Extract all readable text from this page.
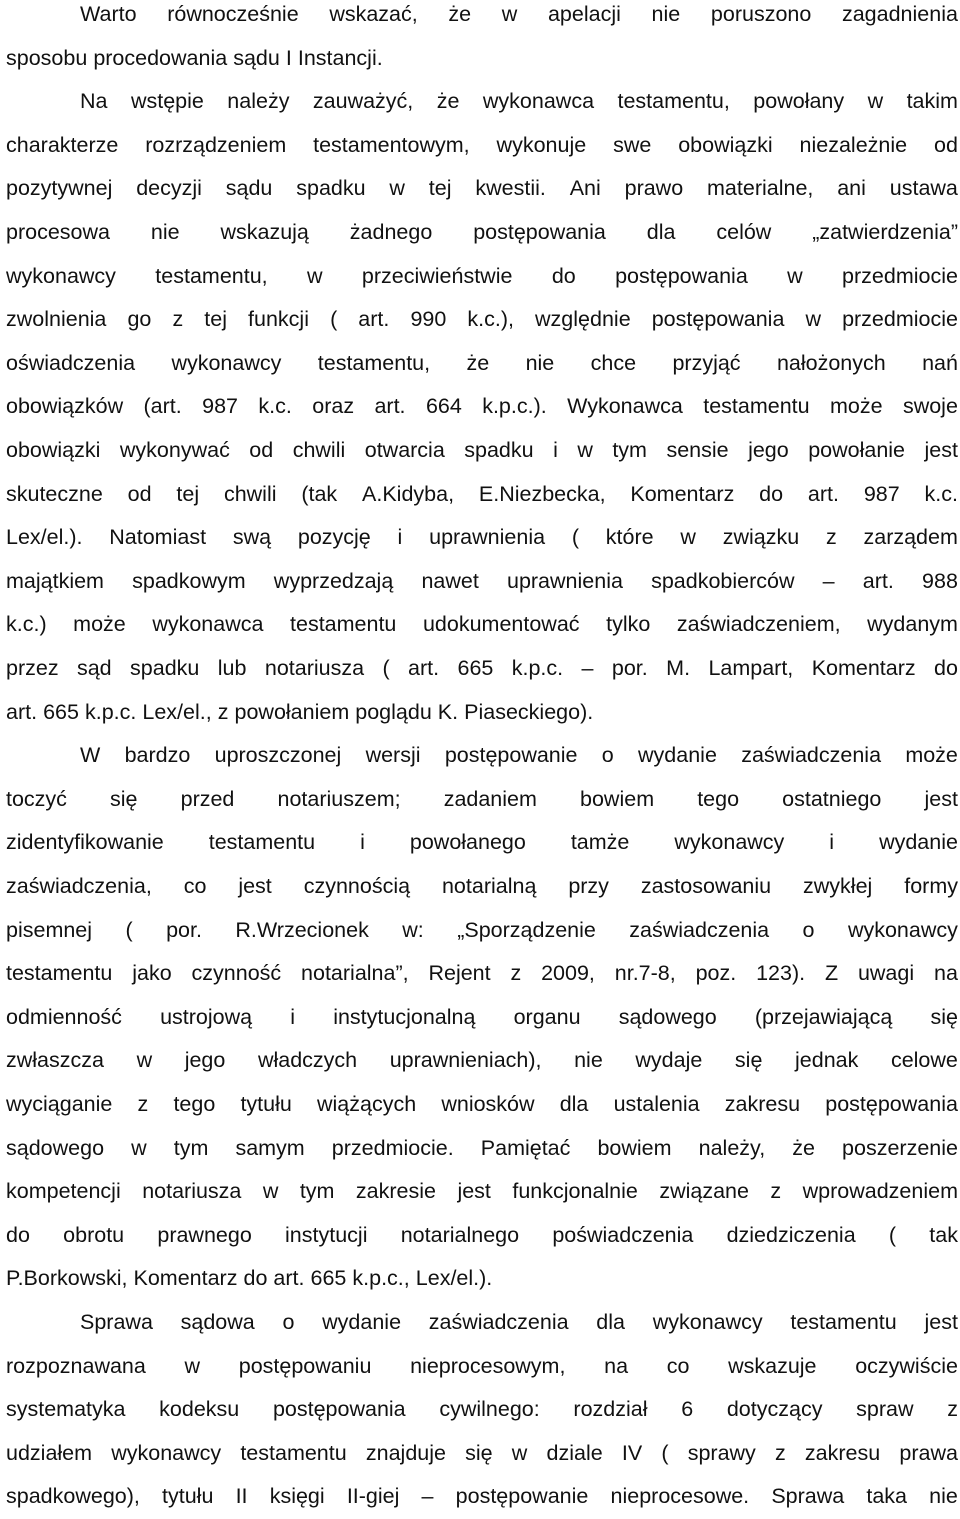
Warto równocześnie wskazać, że w apelacji nie poruszono zagadnienia
sposobu procedowania sądu I Instancji.
Na wstępie należy zauważyć, że wykonawca testamentu, powołany w takim
charakterze rozrządzeniem testamentowym, wykonuje swe obowiązki niezależnie od
pozytywnej decyzji sądu spadku w tej kwestii. Ani prawo materialne, ani ustawa
procesowa nie wskazują żadnego postępowania dla celów „zatwierdzenia”
wykonawcy testamentu, w przeciwieństwie do postępowania w przedmiocie
zwolnienia go z tej funkcji ( art. 990 k.c.), względnie postępowania w przedmiocie
oświadczenia wykonawcy testamentu, że nie chce przyjąć nałożonych nań
obowiązków (art. 987 k.c. oraz art. 664 k.p.c.). Wykonawca testamentu może swoje
obowiązki wykonywać od chwili otwarcia spadku i w tym sensie jego powołanie jest
skuteczne od tej chwili (tak A.Kidyba, E.Niezbecka, Komentarz do art. 987 k.c.
Lex/el.). Natomiast swą pozycję i uprawnienia ( które w związku z zarządem
majątkiem spadkowym wyprzedzają nawet uprawnienia spadkobierców – art. 988
k.c.) może wykonawca testamentu udokumentować tylko zaświadczeniem, wydanym
przez sąd spadku lub notariusza ( art. 665 k.p.c. – por. M. Lampart, Komentarz do
art. 665 k.p.c. Lex/el., z powołaniem poglądu K. Piaseckiego).
W bardzo uproszczonej wersji postępowanie o wydanie zaświadczenia może
toczyć się przed notariuszem; zadaniem bowiem tego ostatniego jest
zidentyfikowanie testamentu i powołanego tamże wykonawcy i wydanie
zaświadczenia, co jest czynnością notarialną przy zastosowaniu zwykłej formy
pisemnej ( por. R.Wrzecionek w: „Sporządzenie zaświadczenia o wykonawcy
testamentu jako czynność notarialna”, Rejent z 2009, nr.7-8, poz. 123). Z uwagi na
odmienność ustrojową i instytucjonalną organu sądowego (przejawiającą się
zwłaszcza w jego władczych uprawnieniach), nie wydaje się jednak celowe
wyciąganie z tego tytułu wiążących wniosków dla ustalenia zakresu postępowania
sądowego w tym samym przedmiocie. Pamiętać bowiem należy, że poszerzenie
kompetencji notariusza w tym zakresie jest funkcjonalnie związane z wprowadzeniem
do obrotu prawnego instytucji notarialnego poświadczenia dziedziczenia ( tak
P.Borkowski, Komentarz do art. 665 k.p.c., Lex/el.).
Sprawa sądowa o wydanie zaświadczenia dla wykonawcy testamentu jest
rozpoznawana w postępowaniu nieprocesowym, na co wskazuje oczywiście
systematyka kodeksu postępowania cywilnego: rozdział 6 dotyczący spraw z
udziałem wykonawcy testamentu znajduje się w dziale IV ( sprawy z zakresu prawa
spadkowego), tytułu II księgi II-giej – postępowanie nieprocesowe. Sprawa taka nie
